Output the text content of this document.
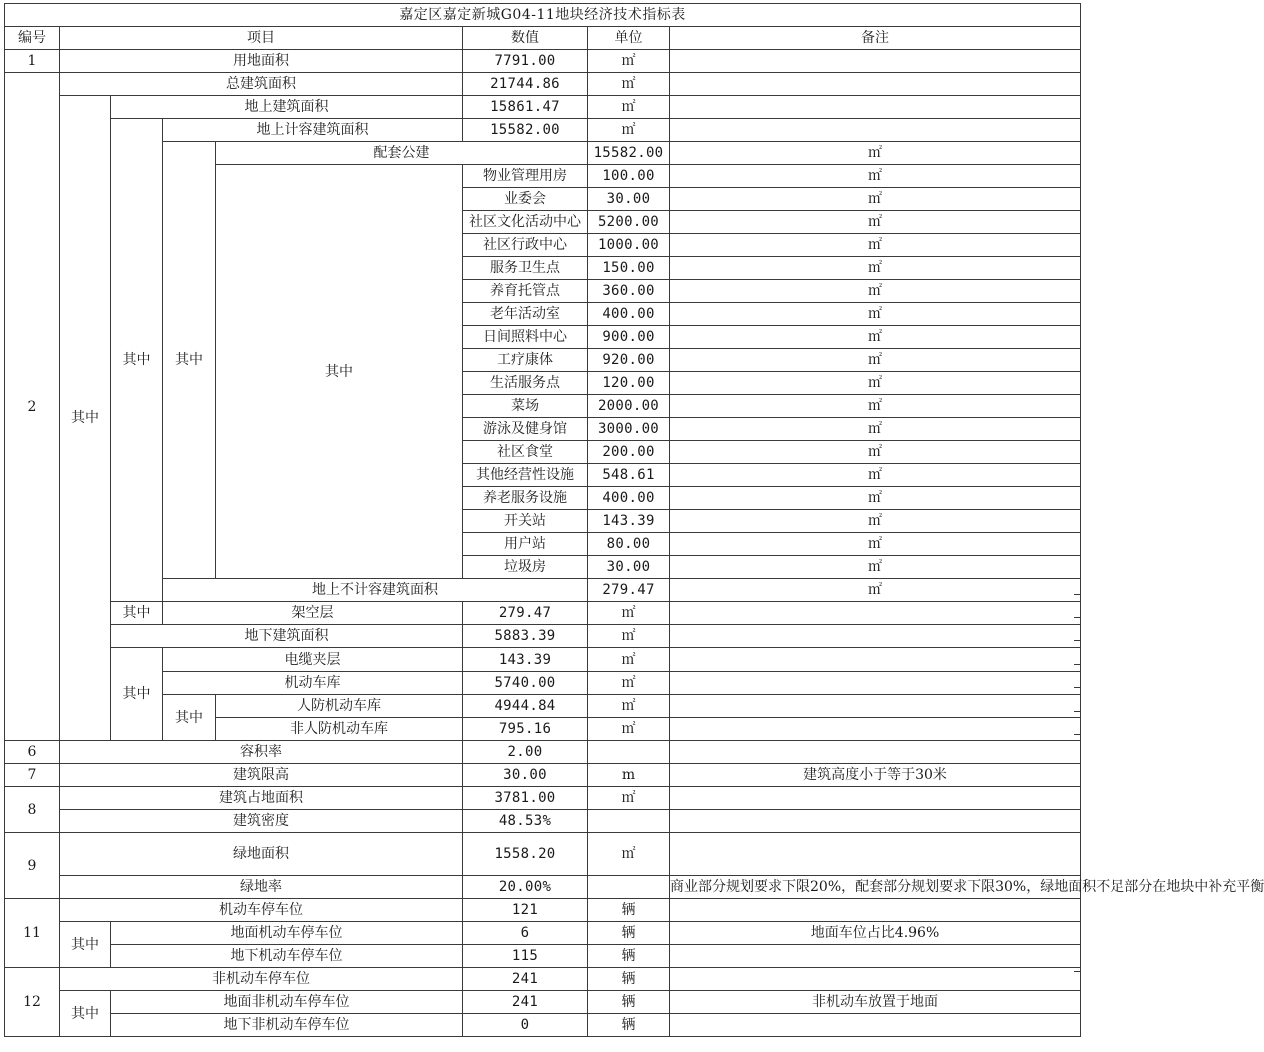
嘉定区嘉定新城G04-11地块经济技术指标表								
编号	项目				数值	单位	备注	
1	用地面积				7791.00	㎡		
2	总建筑面积				21744.86	㎡		
	其中	地上建筑面积			15861.47	㎡		
		其中	地上计容建筑面积		15582.00	㎡		
			其中	配套公建		15582.00	㎡	
				其中	物业管理用房	100.00	㎡	
					业委会	30.00	㎡	
					社区文化活动中心	5200.00	㎡	
					社区行政中心	1000.00	㎡	
					服务卫生点	150.00	㎡	
					养育托管点	360.00	㎡	
					老年活动室	400.00	㎡	
					日间照料中心	900.00	㎡	
					工疗康体	920.00	㎡	
					生活服务点	120.00	㎡	
					菜场	2000.00	㎡	
					游泳及健身馆	3000.00	㎡	
					社区食堂	200.00	㎡	
					其他经营性设施	548.61	㎡	
					养老服务设施	400.00	㎡	
					开关站	143.39	㎡	
					用户站	80.00	㎡	
					垃圾房	30.00	㎡	
			地上不计容建筑面积			279.47	㎡	
		其中	架空层		279.47	㎡		
		地下建筑面积			5883.39	㎡		
		其中	电缆夹层		143.39	㎡		
			机动车库		5740.00	㎡		
			其中	人防机动车库	4944.84	㎡		
				非人防机动车库	795.16	㎡		
6	容积率				2.00			
7	建筑限高				30.00	m	建筑高度小于等于30米	
8	建筑占地面积				3781.00	㎡		
	建筑密度				48.53%			
9	绿地面积				1558.20	㎡		
	绿地率				20.00%		商业部分规划要求下限20%，配套部分规划要求下限30%，绿地面积不足部分在地块中补充平衡	
11	机动车停车位				121	辆		
	其中	地面机动车停车位			6	辆	地面车位占比4.96%	
		地下机动车停车位			115	辆		
12	非机动车停车位				241	辆		
	其中	地面非机动车停车位			241	辆	非机动车放置于地面	
		地下非机动车停车位			0	辆		
